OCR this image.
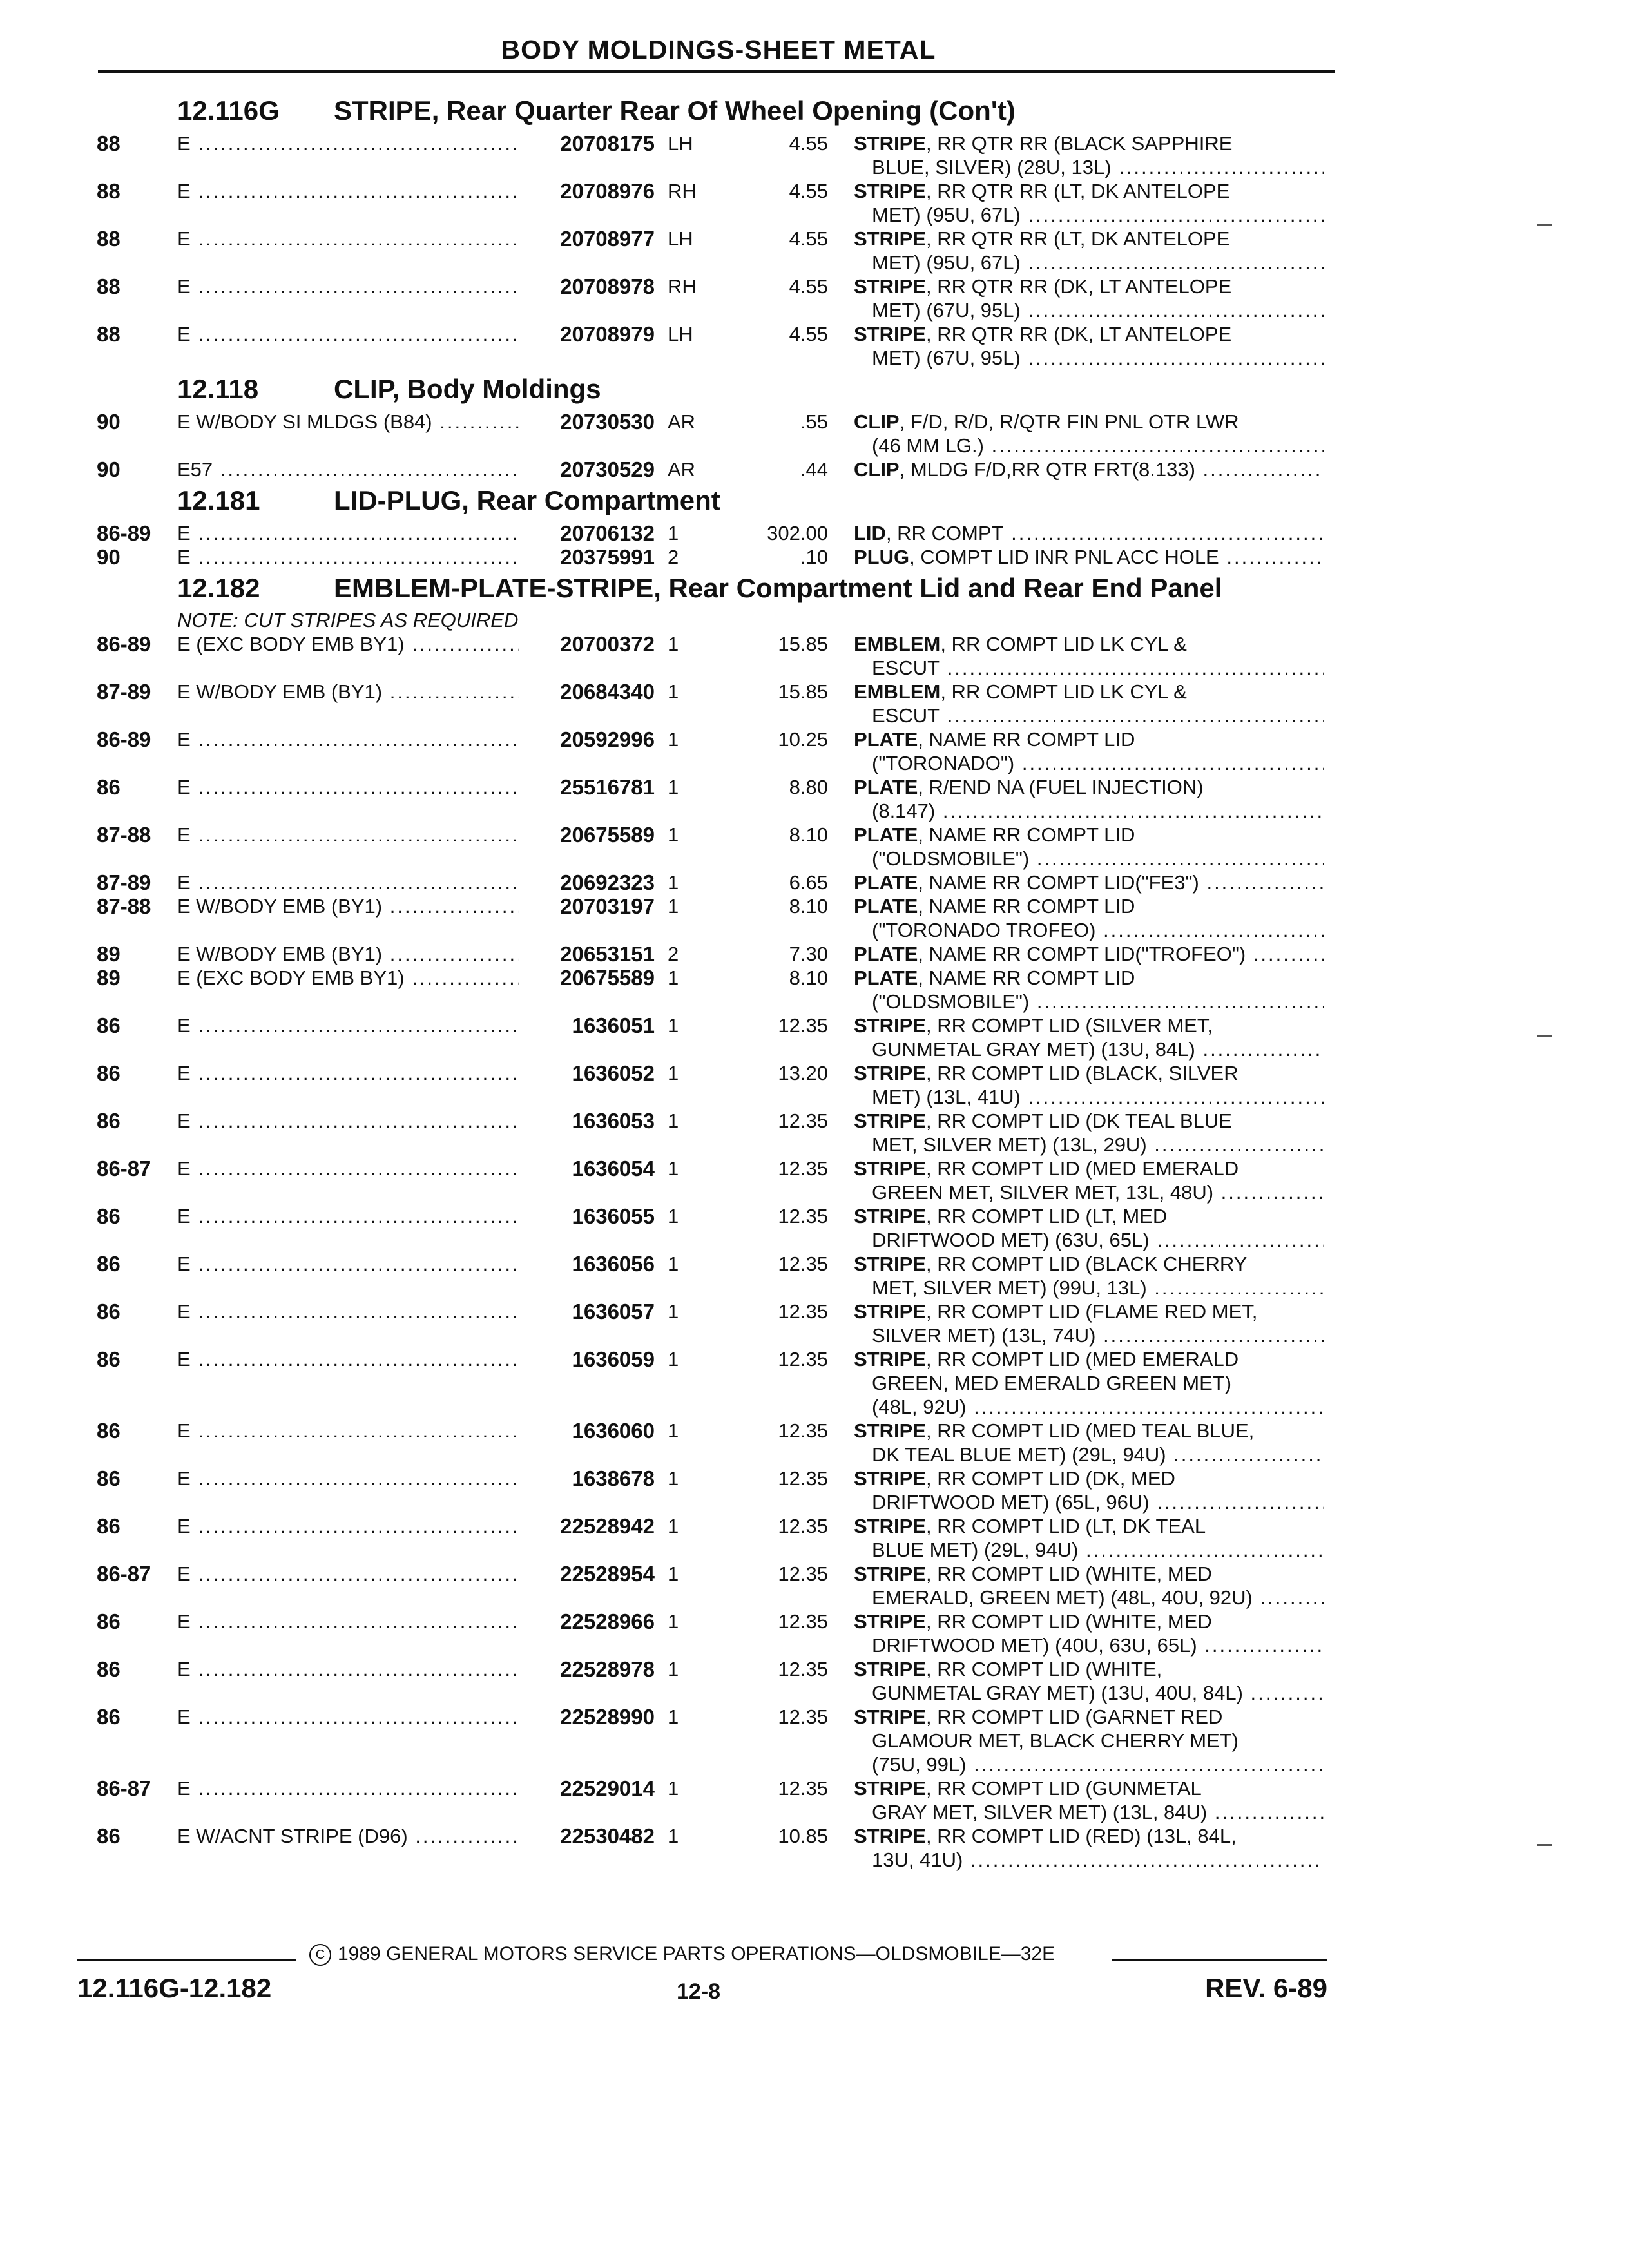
BODY MOLDINGS-SHEET METAL
12.116G STRIPE, Rear Quarter Rear Of Wheel Opening (Con't)
88	E .....	20708175 LH	4.55 STRIPE, RR QTR RR (BLACK SAPPHIRE
BLUE, SILVER) (28U, 13L) .....
88	E .....	20708976 RH	4.55 STRIPE, RR QTR RR (LT, DK ANTELOPE
MET) (95U, 67L) .....
88	E .....	20708977 LH	4.55 STRIPE, RR QTR RR (LT, DK ANTELOPE
MET) (95U, 67L) .....
88	E .....	20708978 RH	4.55 STRIPE, RR QTR RR (DK, LT ANTELOPE
MET) (67U, 95L) .....
88	E .....	20708979 LH	4.55 STRIPE, RR QTR RR (DK, LT ANTELOPE
MET) (67U, 95L) .....
12.118	CLIP, Body Moldings
90	E W/BODY SI MLDGS (B84) .....	20730530 AR	.55 CLIP, F/D, R/D, R/QTR FIN PNL OTR LWR
(46 MM LG.) .....
90	E57 .....	20730529 AR	.44 CLIP, MLDG F/D,RR QTR FRT(8.133) .....
12.181	LID-PLUG, Rear Compartment
86-89 E .....	20706132 1	302.00 LID, RR COMPT .....
90	E .....	20375991 2	.10 PLUG, COMPT LID INR PNL ACC HOLE .....
12.182	EMBLEM-PLATE-STRIPE, Rear Compartment Lid and Rear End Panel
NOTE: CUT STRIPES AS REQUIRED
86-89 E (EXC BODY EMB BY1) .....	20700372 1	15.85 EMBLEM, RR COMPT LID LK CYL &
ESCUT .....
87-89 E W/BODY EMB (BY1) .....	20684340 1	15.85 EMBLEM, RR COMPT LID LK CYL &
ESCUT .....
86-89 E .....	20592996 1	10.25 PLATE, NAME RR COMPT LID
("TORONADO") .....
86	E .....	25516781 1	8.80 PLATE, R/END NA (FUEL INJECTION)
(8.147) .....
87-88 E .....	20675589 1	8.10 PLATE, NAME RR COMPT LID
("OLDSMOBILE") .....
87-89 E .....	20692323 1	6.65 PLATE, NAME RR COMPT LID("FE3") .....
87-88 E W/BODY EMB (BY1) .....	20703197 1	8.10 PLATE, NAME RR COMPT LID
("TORONADO TROFEO) .....
89	E W/BODY EMB (BY1) .....	20653151 2	7.30 PLATE, NAME RR COMPT LID("TROFEO") .....
89	E (EXC BODY EMB BY1) .....	20675589 1	8.10 PLATE, NAME RR COMPT LID
("OLDSMOBILE") .....
86	E .....	1636051 1	12.35 STRIPE, RR COMPT LID (SILVER MET,
GUNMETAL GRAY MET) (13U, 84L) .....
86	E .....	1636052 1	13.20 STRIPE, RR COMPT LID (BLACK, SILVER
MET) (13L, 41U) .....
86	E .....	1636053 1	12.35 STRIPE, RR COMPT LID (DK TEAL BLUE
MET, SILVER MET) (13L, 29U) .....
86-87 E .....	1636054 1	12.35 STRIPE, RR COMPT LID (MED EMERALD
GREEN MET, SILVER MET, 13L, 48U) .....
86	E .....	1636055 1	12.35 STRIPE, RR COMPT LID (LT, MED
DRIFTWOOD MET) (63U, 65L) .....
86	E .....	1636056 1	12.35 STRIPE, RR COMPT LID (BLACK CHERRY
MET, SILVER MET) (99U, 13L) .....
86	E .....	1636057 1	12.35 STRIPE, RR COMPT LID (FLAME RED MET,
SILVER MET) (13L, 74U) .....
86	E .....	1636059 1	12.35 STRIPE, RR COMPT LID (MED EMERALD
GREEN, MED EMERALD GREEN MET)
(48L, 92U) .....
86	E .....	1636060 1	12.35 STRIPE, RR COMPT LID (MED TEAL BLUE,
DK TEAL BLUE MET) (29L, 94U) .....
86	E .....	1638678 1	12.35 STRIPE, RR COMPT LID (DK, MED
DRIFTWOOD MET) (65L, 96U) .....
86	E .....	22528942 1	12.35 STRIPE, RR COMPT LID (LT, DK TEAL
BLUE MET) (29L, 94U) .....
86-87 E .....	22528954 1	12.35 STRIPE, RR COMPT LID (WHITE, MED
EMERALD, GREEN MET) (48L, 40U, 92U) .....
86	E .....	22528966 1	12.35 STRIPE, RR COMPT LID (WHITE, MED
DRIFTWOOD MET) (40U, 63U, 65L) .....
86	E .....	22528978 1	12.35 STRIPE, RR COMPT LID (WHITE,
GUNMETAL GRAY MET) (13U, 40U, 84L) .....
86	E .....	22528990 1	12.35 STRIPE, RR COMPT LID (GARNET RED
GLAMOUR MET, BLACK CHERRY MET)
(75U, 99L) .....
86-87 E .....	22529014 1	12.35 STRIPE, RR COMPT LID (GUNMETAL
GRAY MET, SILVER MET) (13L, 84U) .....
86	E W/ACNT STRIPE (D96) .....	22530482 1	10.85 STRIPE, RR COMPT LID (RED) (13L, 84L,
13U, 41U) .....
C 1989 GENERAL MOTORS SERVICE PARTS OPERATIONS—OLDSMOBILE—32E
12.116G-12.182	12-8	REV. 6-89
